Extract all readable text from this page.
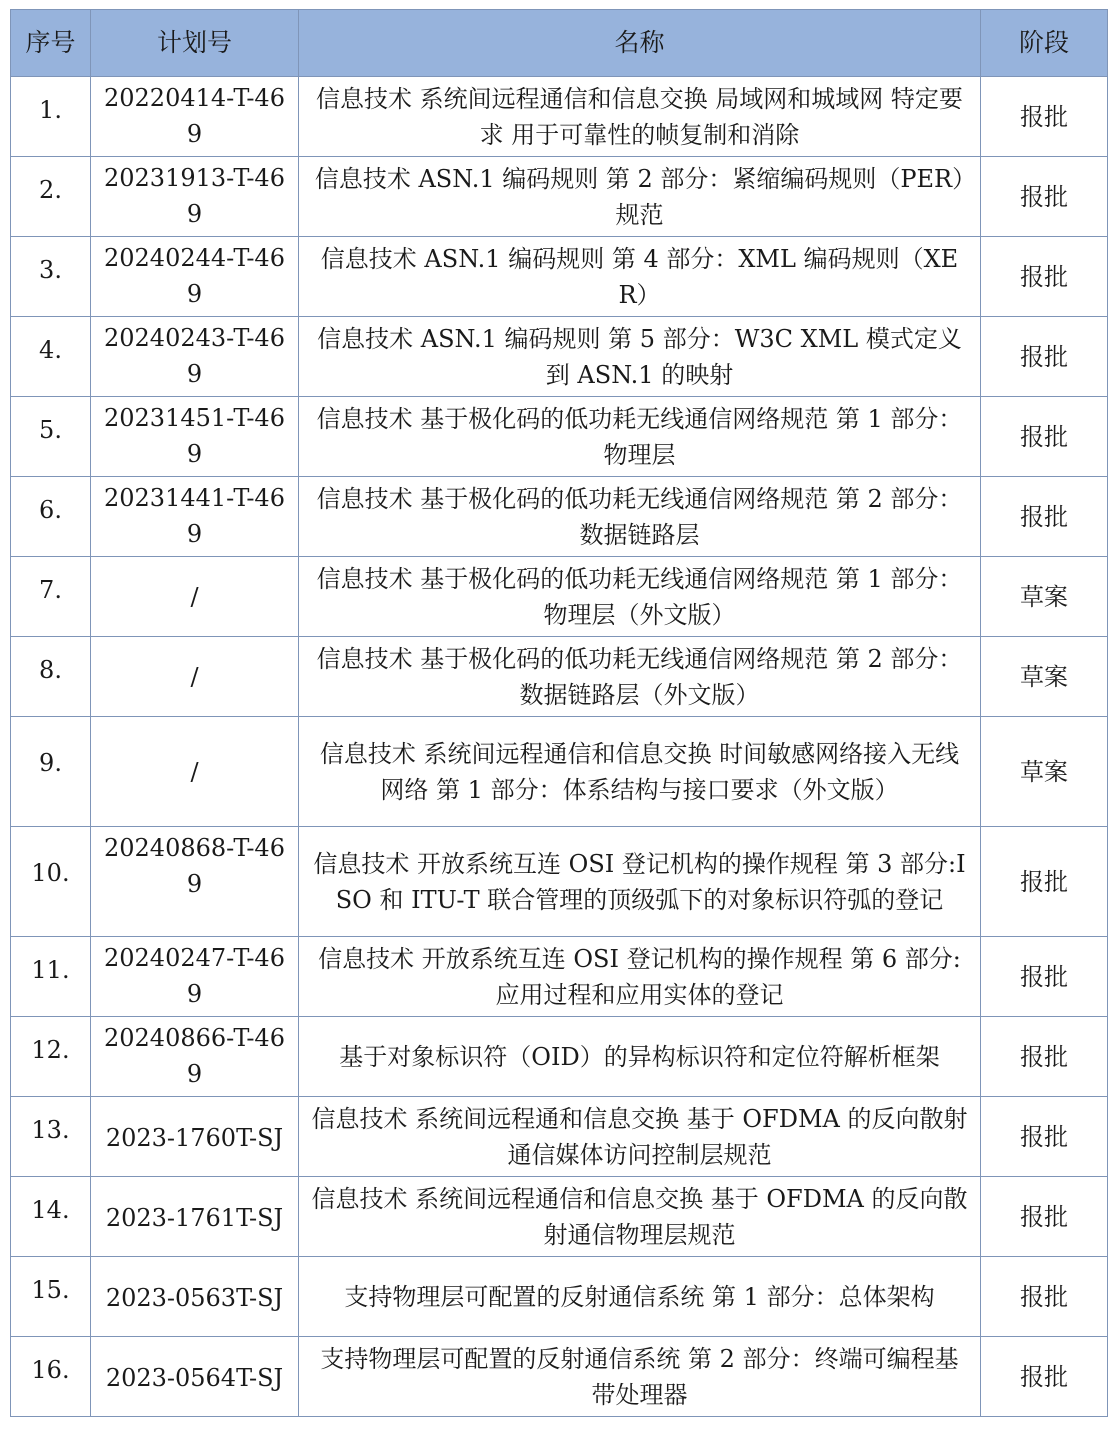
序号	计划号	名称	阶段
1.	20220414-T-469	信息技术 系统间远程通信和信息交换 局域网和城域网 特定要求 用于可靠性的帧复制和消除	报批
2.	20231913-T-469	信息技术 ASN.1 编码规则 第 2 部分：紧缩编码规则（PER）规范	报批
3.	20240244-T-469	信息技术 ASN.1 编码规则 第 4 部分：XML 编码规则（XER）	报批
4.	20240243-T-469	信息技术 ASN.1 编码规则 第 5 部分：W3C XML 模式定义到 ASN.1 的映射	报批
5.	20231451-T-469	信息技术 基于极化码的低功耗无线通信网络规范 第 1 部分：物理层	报批
6.	20231441-T-469	信息技术 基于极化码的低功耗无线通信网络规范 第 2 部分：数据链路层	报批
7.	/	信息技术 基于极化码的低功耗无线通信网络规范 第 1 部分：物理层（外文版）	草案
8.	/	信息技术 基于极化码的低功耗无线通信网络规范 第 2 部分：数据链路层（外文版）	草案
9.	/	信息技术 系统间远程通信和信息交换 时间敏感网络接入无线网络 第 1 部分：体系结构与接口要求（外文版）	草案
10.	20240868-T-469	信息技术 开放系统互连 OSI 登记机构的操作规程 第 3 部分:ISO 和 ITU-T 联合管理的顶级弧下的对象标识符弧的登记	报批
11.	20240247-T-469	信息技术 开放系统互连 OSI 登记机构的操作规程 第 6 部分:应用过程和应用实体的登记	报批
12.	20240866-T-469	基于对象标识符（OID）的异构标识符和定位符解析框架	报批
13.	2023-1760T-SJ	信息技术 系统间远程通和信息交换 基于 OFDMA 的反向散射通信媒体访问控制层规范	报批
14.	2023-1761T-SJ	信息技术 系统间远程通信和信息交换 基于 OFDMA 的反向散射通信物理层规范	报批
15.	2023-0563T-SJ	支持物理层可配置的反射通信系统 第 1 部分：总体架构	报批
16.	2023-0564T-SJ	支持物理层可配置的反射通信系统 第 2 部分：终端可编程基带处理器	报批
